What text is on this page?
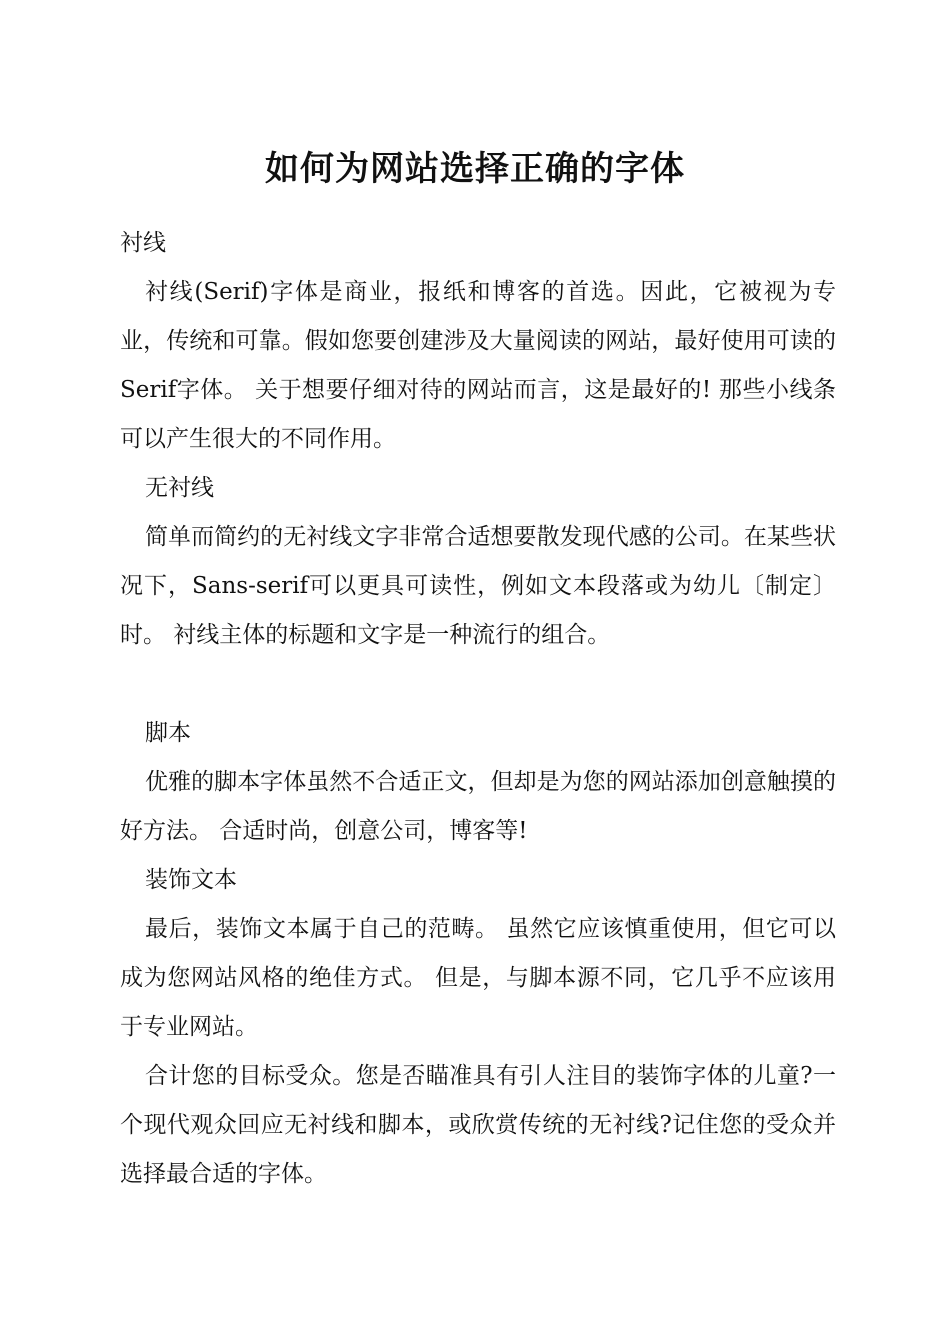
如何为网站选择正确的字体

衬线

衬线(Serif)字体是商业，报纸和博客的首选。因此，它被视为专业，传统和可靠。假如您要创建涉及大量阅读的网站，最好使用可读的Serif字体。 关于想要仔细对待的网站而言，这是最好的! 那些小线条可以产生很大的不同作用。

无衬线

简单而简约的无衬线文字非常合适想要散发现代感的公司。在某些状况下，Sans-serif可以更具可读性，例如文本段落或为幼儿〔制定〕时。 衬线主体的标题和文字是一种流行的组合。

脚本

优雅的脚本字体虽然不合适正文，但却是为您的网站添加创意触摸的好方法。 合适时尚，创意公司，博客等!

装饰文本

最后，装饰文本属于自己的范畴。 虽然它应该慎重使用，但它可以成为您网站风格的绝佳方式。 但是，与脚本源不同，它几乎不应该用于专业网站。

合计您的目标受众。您是否瞄准具有引人注目的装饰字体的儿童?一个现代观众回应无衬线和脚本，或欣赏传统的无衬线?记住您的受众并选择最合适的字体。
